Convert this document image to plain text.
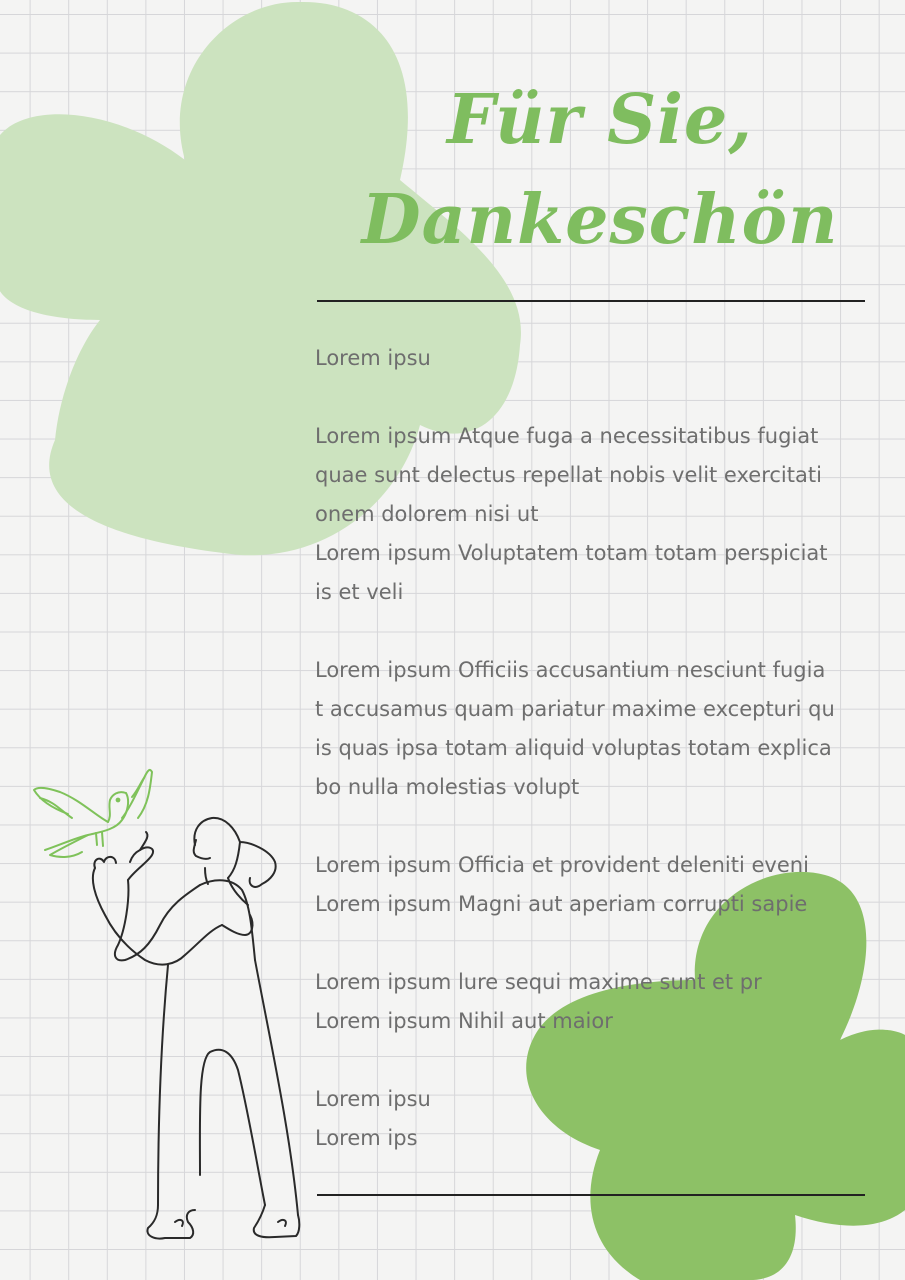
Für Sie,
Dankeschön

Lorem ipsu

Lorem ipsum Atque fuga a necessitatibus fugiat
quae sunt delectus repellat nobis velit exercitati
onem dolorem nisi ut
Lorem ipsum Voluptatem totam totam perspiciat
is et veli

Lorem ipsum Officiis accusantium nesciunt fugia
t accusamus quam pariatur maxime excepturi qu
is quas ipsa totam aliquid voluptas totam explica
bo nulla molestias volupt

Lorem ipsum Officia et provident deleniti eveni
Lorem ipsum Magni aut aperiam corrupti sapie

Lorem ipsum lure sequi maxime sunt et pr
Lorem ipsum Nihil aut maior

Lorem ipsu
Lorem ips
